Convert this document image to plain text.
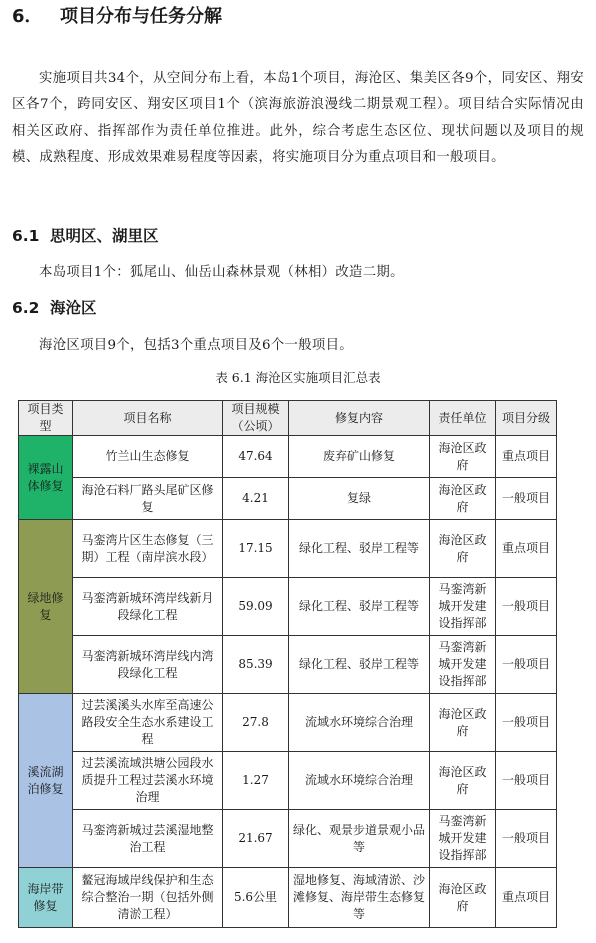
6． 项目分布与任务分解

实施项目共34个，从空间分布上看，本岛1个项目，海沧区、集美区各9个，同安区、翔安区各7个，跨同安区、翔安区项目1个（滨海旅游浪漫线二期景观工程）。项目结合实际情况由相关区政府、指挥部作为责任单位推进。此外，综合考虑生态区位、现状问题以及项目的规模、成熟程度、形成效果难易程度等因素，将实施项目分为重点项目和一般项目。

6.1 思明区、湖里区

本岛项目1个：狐尾山、仙岳山森林景观（林相）改造二期。

6.2 海沧区

海沧区项目9个，包括3个重点项目及6个一般项目。

表 6.1 海沧区实施项目汇总表

项目类型	项目名称	项目规模（公顷）	修复内容	责任单位	项目分级
裸露山体修复	竹兰山生态修复	47.64	废弃矿山修复	海沧区政府	重点项目
	海沧石料厂路头尾矿区修复	4.21	复绿	海沧区政府	一般项目
绿地修复	马銮湾片区生态修复（三期）工程（南岸滨水段）	17.15	绿化工程、驳岸工程等	海沧区政府	重点项目
	马銮湾新城环湾岸线新月段绿化工程	59.09	绿化工程、驳岸工程等	马銮湾新城开发建设指挥部	一般项目
	马銮湾新城环湾岸线内湾段绿化工程	85.39	绿化工程、驳岸工程等	马銮湾新城开发建设指挥部	一般项目
溪流湖泊修复	过芸溪溪头水库至高速公路段安全生态水系建设工程	27.8	流域水环境综合治理	海沧区政府	一般项目
	过芸溪流域洪塘公园段水质提升工程过芸溪水环境治理	1.27	流域水环境综合治理	海沧区政府	一般项目
	马銮湾新城过芸溪湿地整治工程	21.67	绿化、观景步道景观小品等	马銮湾新城开发建设指挥部	一般项目
海岸带修复	鳌冠海域岸线保护和生态综合整治一期（包括外侧清淤工程）	5.6公里	湿地修复、海域清淤、沙滩修复、海岸带生态修复等	海沧区政府	重点项目
